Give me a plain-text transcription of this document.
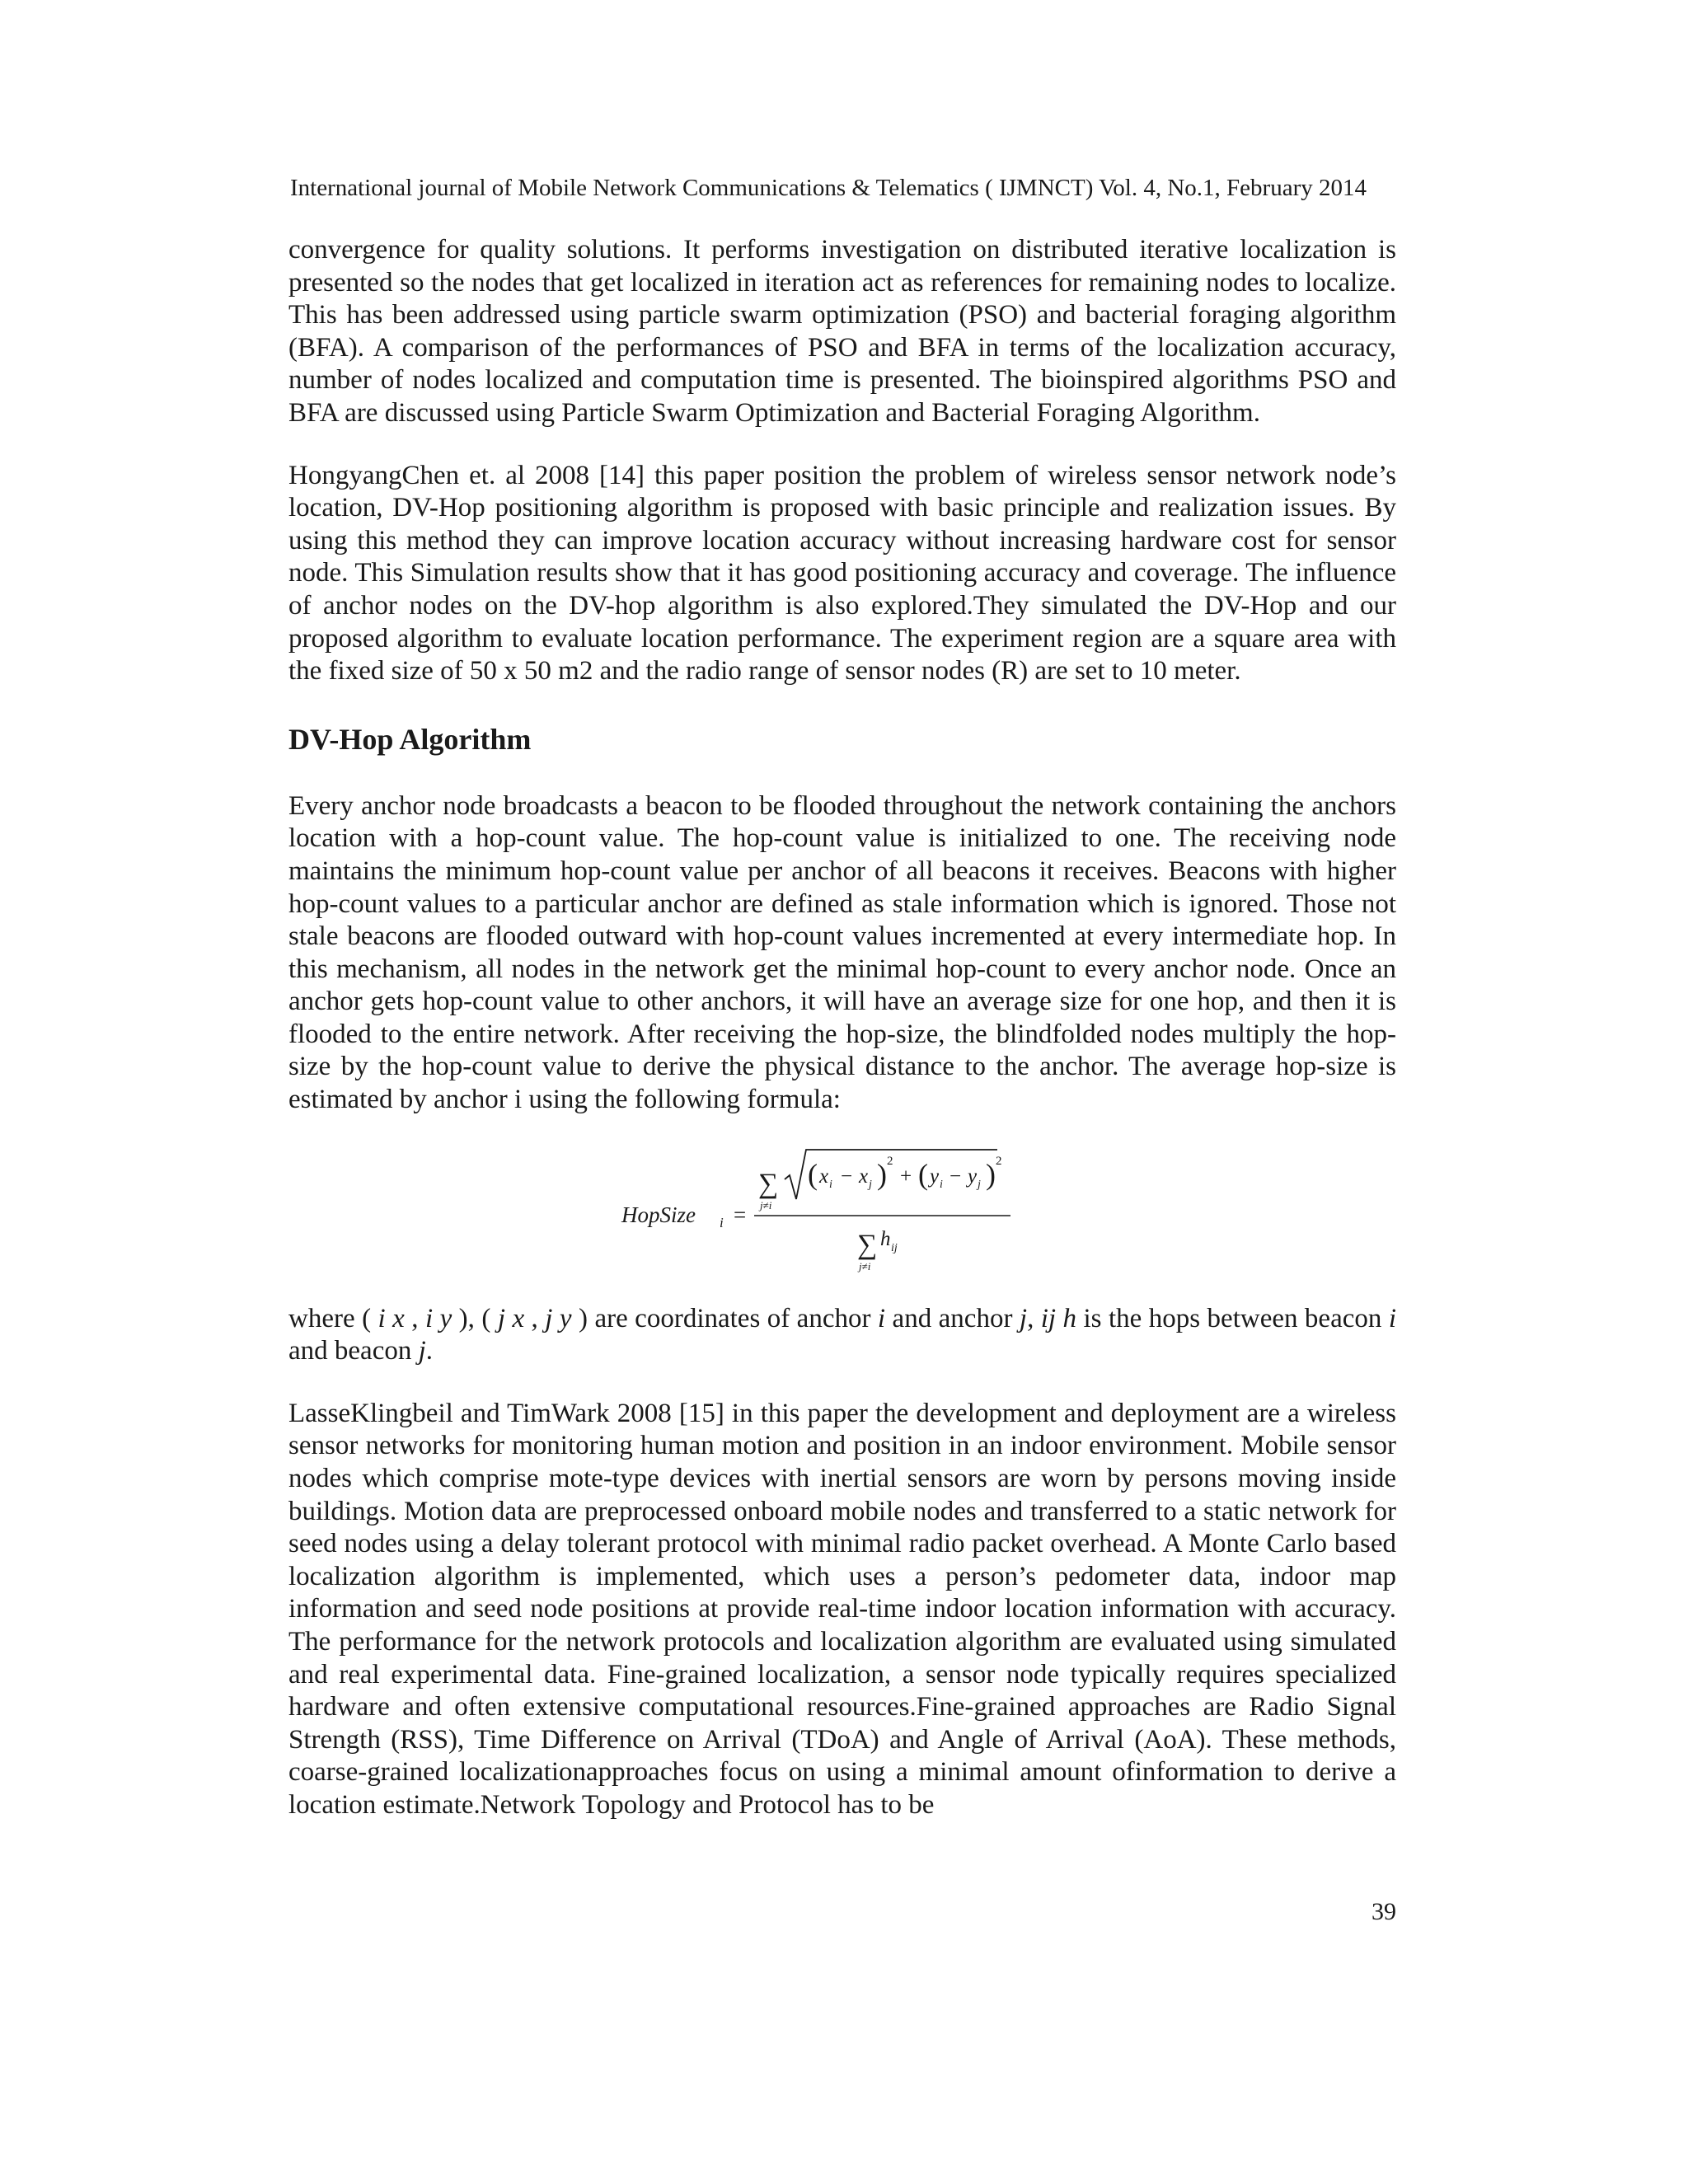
International journal of Mobile Network Communications & Telematics ( IJMNCT) Vol. 4, No.1, February 2014

convergence for quality solutions. It performs investigation on distributed iterative localization is presented so the nodes that get localized in iteration act as references for remaining nodes to localize. This has been addressed using particle swarm optimization (PSO) and bacterial foraging algorithm (BFA). A comparison of the performances of PSO and BFA in terms of the localization accuracy, number of nodes localized and computation time is presented. The bioinspired algorithms PSO and BFA are discussed using Particle Swarm Optimization and Bacterial Foraging Algorithm.

HongyangChen et. al 2008 [14] this paper position the problem of wireless sensor network node’s location, DV-Hop positioning algorithm is proposed with basic principle and realization issues. By using this method they can improve location accuracy without increasing hardware cost for sensor node. This Simulation results show that it has good positioning accuracy and coverage. The influence of anchor nodes on the DV-hop algorithm is also explored.They simulated the DV-Hop and our proposed algorithm to evaluate location performance. The experiment region are a square area with the fixed size of 50 x 50 m2 and the radio range of sensor nodes (R) are set to 10 meter.

DV-Hop Algorithm

Every anchor node broadcasts a beacon to be flooded throughout the network containing the anchors location with a hop-count value. The hop-count value is initialized to one. The receiving node maintains the minimum hop-count value per anchor of all beacons it receives. Beacons with higher hop-count values to a particular anchor are defined as stale information which is ignored. Those not stale beacons are flooded outward with hop-count values incremented at every intermediate hop. In this mechanism, all nodes in the network get the minimal hop-count to every anchor node. Once an anchor gets hop-count value to other anchors, it will have an average size for one hop, and then it is flooded to the entire network. After receiving the hop-size, the blindfolded nodes multiply the hop-size by the hop-count value to derive the physical distance to the anchor. The average hop-size is estimated by anchor i using the following formula:

HopSize i =
∑
j≠i
( x i − x j ) 2
+ ( y i − y j ) 2
∑
j≠i
h ij

where ( i x , i y ), ( j x , j y ) are coordinates of anchor i and anchor j, ij h is the hops between beacon i and beacon j.

LasseKlingbeil and TimWark 2008 [15] in this paper the development and deployment are a wireless sensor networks for monitoring human motion and position in an indoor environment. Mobile sensor nodes which comprise mote-type devices with inertial sensors are worn by persons moving inside buildings. Motion data are preprocessed onboard mobile nodes and transferred to a static network for seed nodes using a delay tolerant protocol with minimal radio packet overhead. A Monte Carlo based localization algorithm is implemented, which uses a person’s pedometer data, indoor map information and seed node positions at provide real-time indoor location information with accuracy. The performance for the network protocols and localization algorithm are evaluated using simulated and real experimental data. Fine-grained localization, a sensor node typically requires specialized hardware and often extensive computational resources.Fine-grained approaches are Radio Signal Strength (RSS), Time Difference on Arrival (TDoA) and Angle of Arrival (AoA). These methods, coarse-grained localizationapproaches focus on using a minimal amount ofinformation to derive a location estimate.Network Topology and Protocol has to be

39
